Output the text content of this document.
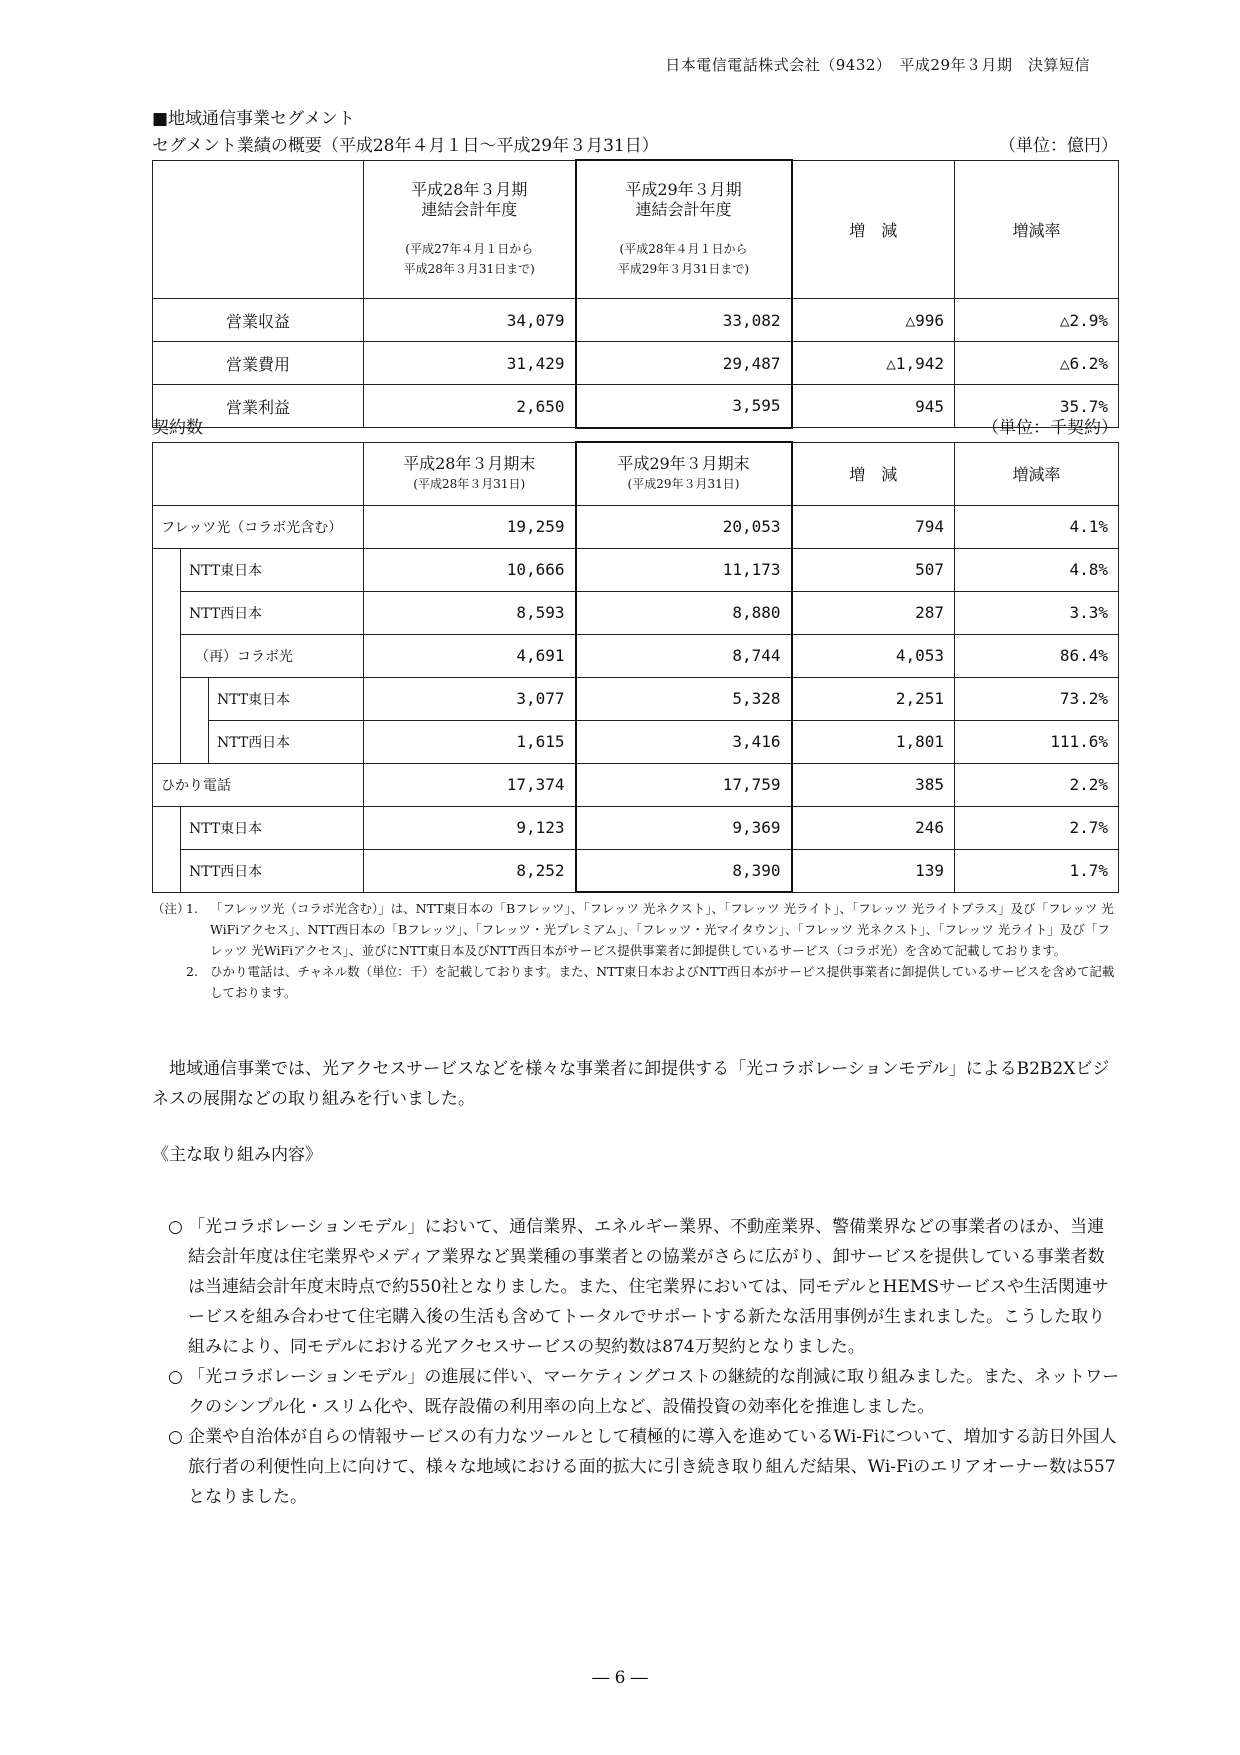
日本電信電話株式会社（9432）　平成29年３月期　決算短信
■地域通信事業セグメント
セグメント業績の概要（平成28年４月１日～平成29年３月31日）	（単位：億円）

	平成28年３月期
連結会計年度

(平成27年４月１日から
平成28年３月31日まで)	平成29年３月期
連結会計年度

(平成28年４月１日から
平成29年３月31日まで)	増　減	増減率
営業収益	34,079	33,082	△996	△2.9%
営業費用	31,429	29,487	△1,942	△6.2%
営業利益	2,650	3,595	945	35.7%
契約数	（単位：千契約）

			平成28年３月期末
(平成28年３月31日)	平成29年３月期末
(平成29年３月31日)	増　減	増減率
フレッツ光（コラボ光含む）			19,259	20,053	794	4.1%
	NTT東日本		10,666	11,173	507	4.8%
	NTT西日本		8,593	8,880	287	3.3%
	（再）コラボ光		4,691	8,744	4,053	86.4%
		NTT東日本	3,077	5,328	2,251	73.2%
		NTT西日本	1,615	3,416	1,801	111.6%
ひかり電話			17,374	17,759	385	2.2%
	NTT東日本		9,123	9,369	246	2.7%
	NTT西日本		8,252	8,390	139	1.7%
（注）
1. 「フレッツ光（コラボ光含む）」は、NTT東日本の「Bフレッツ」、「フレッツ 光ネクスト」、「フレッツ 光ライト」、「フレッツ 光ライトプラス」及び「フレッツ 光WiFiアクセス」、NTT西日本の「Bフレッツ」、「フレッツ・光プレミアム」、「フレッツ・光マイタウン」、「フレッツ 光ネクスト」、「フレッツ 光ライト」及び「フレッツ 光WiFiアクセス」、並びにNTT東日本及びNTT西日本がサービス提供事業者に卸提供しているサービス（コラボ光）を含めて記載しております。
2. ひかり電話は、チャネル数（単位：千）を記載しております。また、NTT東日本およびNTT西日本がサービス提供事業者に卸提供しているサービスを含めて記載しております。
　地域通信事業では、光アクセスサービスなどを様々な事業者に卸提供する「光コラボレーションモデル」によるB2B2Xビジネスの展開などの取り組みを行いました。
《主な取り組み内容》
○ 「光コラボレーションモデル」において、通信業界、エネルギー業界、不動産業界、警備業界などの事業者のほか、当連結会計年度は住宅業界やメディア業界など異業種の事業者との協業がさらに広がり、卸サービスを提供している事業者数は当連結会計年度末時点で約550社となりました。また、住宅業界においては、同モデルとHEMSサービスや生活関連サービスを組み合わせて住宅購入後の生活も含めてトータルでサポートする新たな活用事例が生まれました。こうした取り組みにより、同モデルにおける光アクセスサービスの契約数は874万契約となりました。
○ 「光コラボレーションモデル」の進展に伴い、マーケティングコストの継続的な削減に取り組みました。また、ネットワークのシンプル化・スリム化や、既存設備の利用率の向上など、設備投資の効率化を推進しました。
○ 企業や自治体が自らの情報サービスの有力なツールとして積極的に導入を進めているWi-Fiについて、増加する訪日外国人旅行者の利便性向上に向けて、様々な地域における面的拡大に引き続き取り組んだ結果、Wi-Fiのエリアオーナー数は557となりました。
― 6 ―
